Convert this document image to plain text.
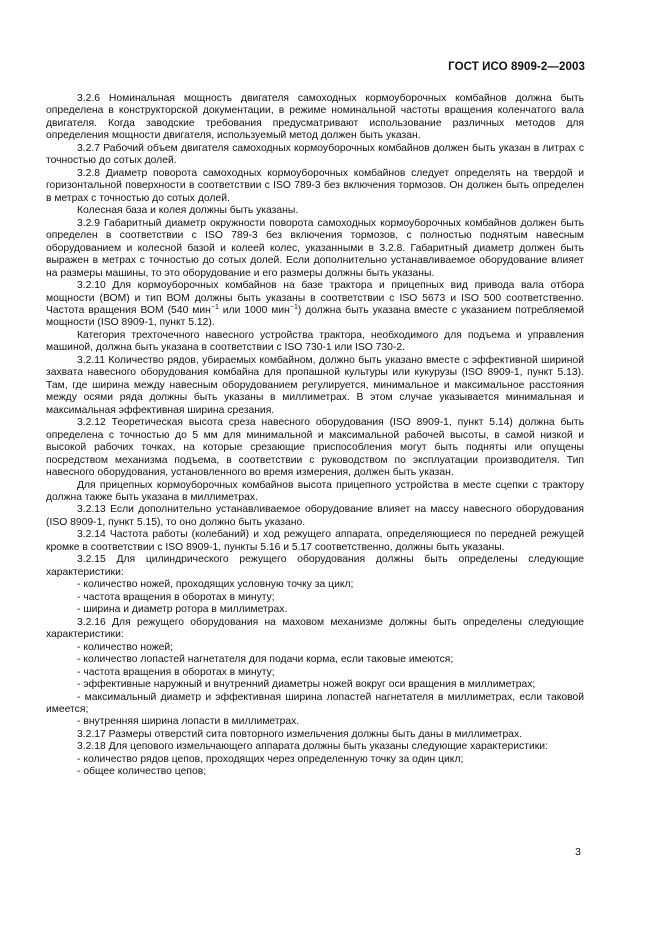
ГОСТ ИСО 8909-2—2003

3.2.6 Номинальная мощность двигателя самоходных кормоуборочных комбайнов должна быть определена в конструкторской документации, в режиме номинальной частоты вращения коленчатого вала двигателя. Когда заводские требования предусматривают использование различных методов для определения мощности двигателя, используемый метод должен быть указан.

3.2.7 Рабочий объем двигателя самоходных кормоуборочных комбайнов должен быть указан в литрах с точностью до сотых долей.

3.2.8 Диаметр поворота самоходных кормоуборочных комбайнов следует определять на твердой и горизонтальной поверхности в соответствии с ISO 789-3 без включения тормозов. Он должен быть определен в метрах с точностью до сотых долей.

Колесная база и колея должны быть указаны.

3.2.9 Габаритный диаметр окружности поворота самоходных кормоуборочных комбайнов должен быть определен в соответствии с ISO 789-3 без включения тормозов, с полностью поднятым навесным оборудованием и колесной базой и колеей колес, указанными в 3.2.8. Габаритный диаметр должен быть выражен в метрах с точностью до сотых долей. Если дополнительно устанавливаемое оборудование влияет на размеры машины, то это оборудование и его размеры должны быть указаны.

3.2.10 Для кормоуборочных комбайнов на базе трактора и прицепных вид привода вала отбора мощности (ВОМ) и тип ВОМ должны быть указаны в соответствии с ISO 5673 и ISO 500 соответственно. Частота вращения ВОМ (540 мин$^{-1}$ или 1000 мин$^{-1}$) должна быть указана вместе с указанием потребляемой мощности (ISO 8909-1, пункт 5.12).

Категория трехточечного навесного устройства трактора, необходимого для подъема и управления машиной, должна быть указана в соответствии с ISO 730-1 или ISO 730-2.

3.2.11 Количество рядов, убираемых комбайном, должно быть указано вместе с эффективной шириной захвата навесного оборудования комбайна для пропашной культуры или кукурузы (ISO 8909-1, пункт 5.13). Там, где ширина между навесным оборудованием регулируется, минимальное и максимальное расстояния между осями ряда должны быть указаны в миллиметрах. В этом случае указывается минимальная и максимальная эффективная ширина срезания.

3.2.12 Теоретическая высота среза навесного оборудования (ISO 8909-1, пункт 5.14) должна быть определена с точностью до 5 мм для минимальной и максимальной рабочей высоты, в самой низкой и высокой рабочих точках, на которые срезающие приспособления могут быть подняты или опущены посредством механизма подъема, в соответствии с руководством по эксплуатации производителя. Тип навесного оборудования, установленного во время измерения, должен быть указан.

Для прицепных кормоуборочных комбайнов высота прицепного устройства в месте сцепки с трактору должна также быть указана в миллиметрах.

3.2.13 Если дополнительно устанавливаемое оборудование влияет на массу навесного оборудования (ISO 8909-1, пункт 5.15), то оно должно быть указано.

3.2.14 Частота работы (колебаний) и ход режущего аппарата, определяющиеся по передней режущей кромке в соответствии с ISO 8909-1, пункты 5.16 и 5.17 соответственно, должны быть указаны.

3.2.15 Для цилиндрического режущего оборудования должны быть определены следующие характеристики:

- количество ножей, проходящих условную точку за цикл;

- частота вращения в оборотах в минуту;

- ширина и диаметр ротора в миллиметрах.

3.2.16 Для режущего оборудования на маховом механизме должны быть определены следующие характеристики:

- количество ножей;

- количество лопастей нагнетателя для подачи корма, если таковые имеются;

- частота вращения в оборотах в минуту;

- эффективные наружный и внутренний диаметры ножей вокруг оси вращения в миллиметрах;

- максимальный диаметр и эффективная ширина лопастей нагнетателя в миллиметрах, если таковой имеется;

- внутренняя ширина лопасти в миллиметрах.

3.2.17 Размеры отверстий сита повторного измельчения должны быть даны в миллиметрах.

3.2.18 Для цепового измельчающего аппарата должны быть указаны следующие характеристики:

- количество рядов цепов, проходящих через определенную точку за один цикл;

- общее количество цепов;

3
